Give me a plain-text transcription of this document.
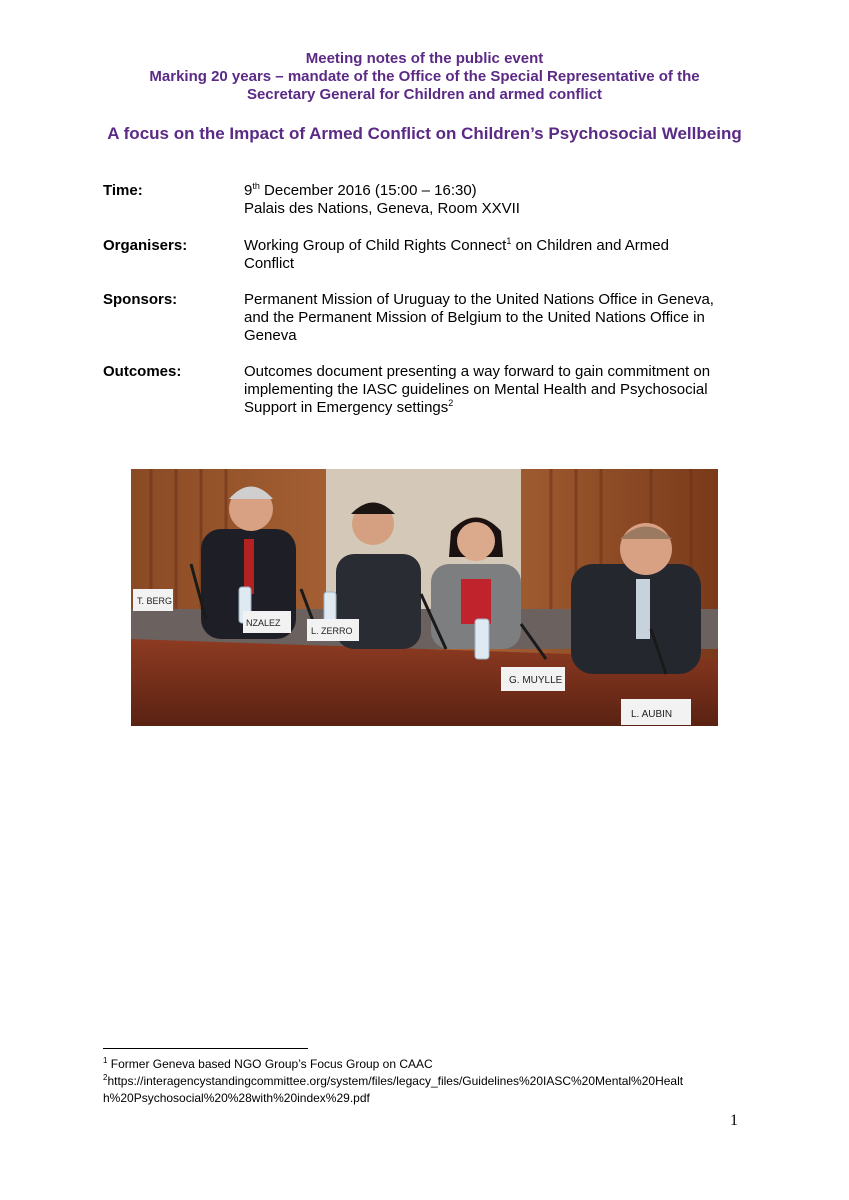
Meeting notes of the public event
Marking 20 years – mandate of the Office of the Special Representative of the
Secretary General for Children and armed conflict
A focus on the Impact of Armed Conflict on Children’s Psychosocial Wellbeing
Time:	9th December 2016 (15:00 – 16:30)
Palais des Nations, Geneva, Room XXVII
Organisers:	Working Group of Child Rights Connect$^1$ on Children and Armed
Conflict
Sponsors:	Permanent Mission of Uruguay to the United Nations Office in Geneva,
and the Permanent Mission of Belgium to the United Nations Office in
Geneva
Outcomes:	Outcomes document presenting a way forward to gain commitment on
implementing the IASC guidelines on Mental Health and Psychosocial
Support in Emergency settings$^2$
T. BERG
NZALEZ
L. ZERRO
G. MUYLLE
L. AUBIN
$^1$ Former Geneva based NGO Group’s Focus Group on CAAC
$^2$https://interagencystandingcommittee.org/system/files/legacy_files/Guidelines%20IASC%20Mental%20Healt
h%20Psychosocial%20%28with%20index%29.pdf
1
